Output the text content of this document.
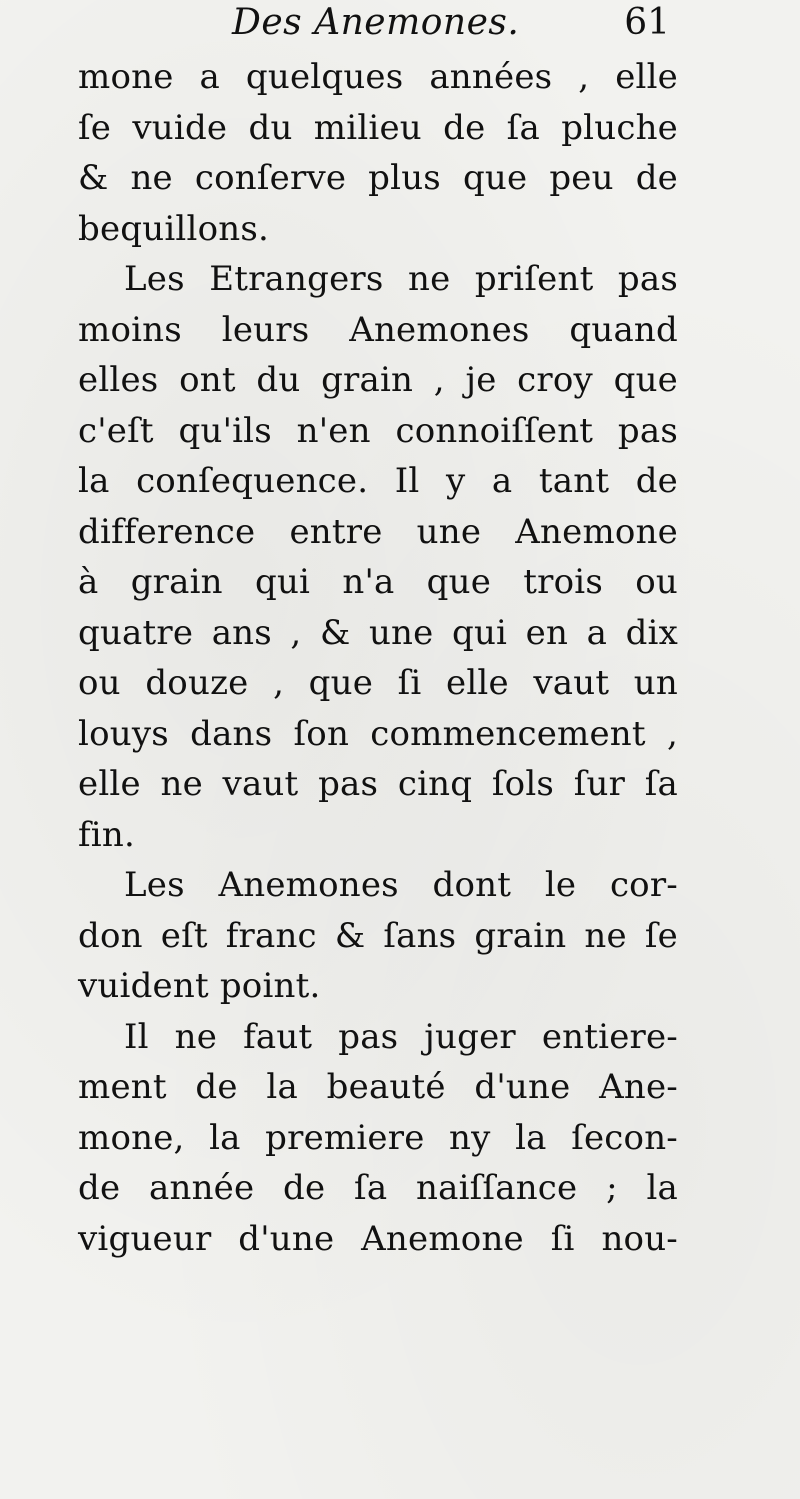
Des Anemones.	61
mone a quelques années , elle
ſe vuide du milieu de ſa pluche
& ne conſerve plus que peu de
bequillons.
Les Etrangers ne priſent pas
moins leurs Anemones quand
elles ont du grain , je croy que
c'eſt qu'ils n'en connoiſſent pas
la conſequence. Il y a tant de
difference entre une Anemone
à grain qui n'a que trois ou
quatre ans , & une qui en a dix
ou douze , que ſi elle vaut un
louys dans ſon commencement ,
elle ne vaut pas cinq ſols ſur ſa
fin.
Les Anemones dont le cor-
don eſt franc & ſans grain ne ſe
vuident point.
Il ne faut pas juger entiere-
ment de la beauté d'une Ane-
mone, la premiere ny la ſecon-
de année de ſa naiſſance ; la
vigueur d'une Anemone ſi nou-
